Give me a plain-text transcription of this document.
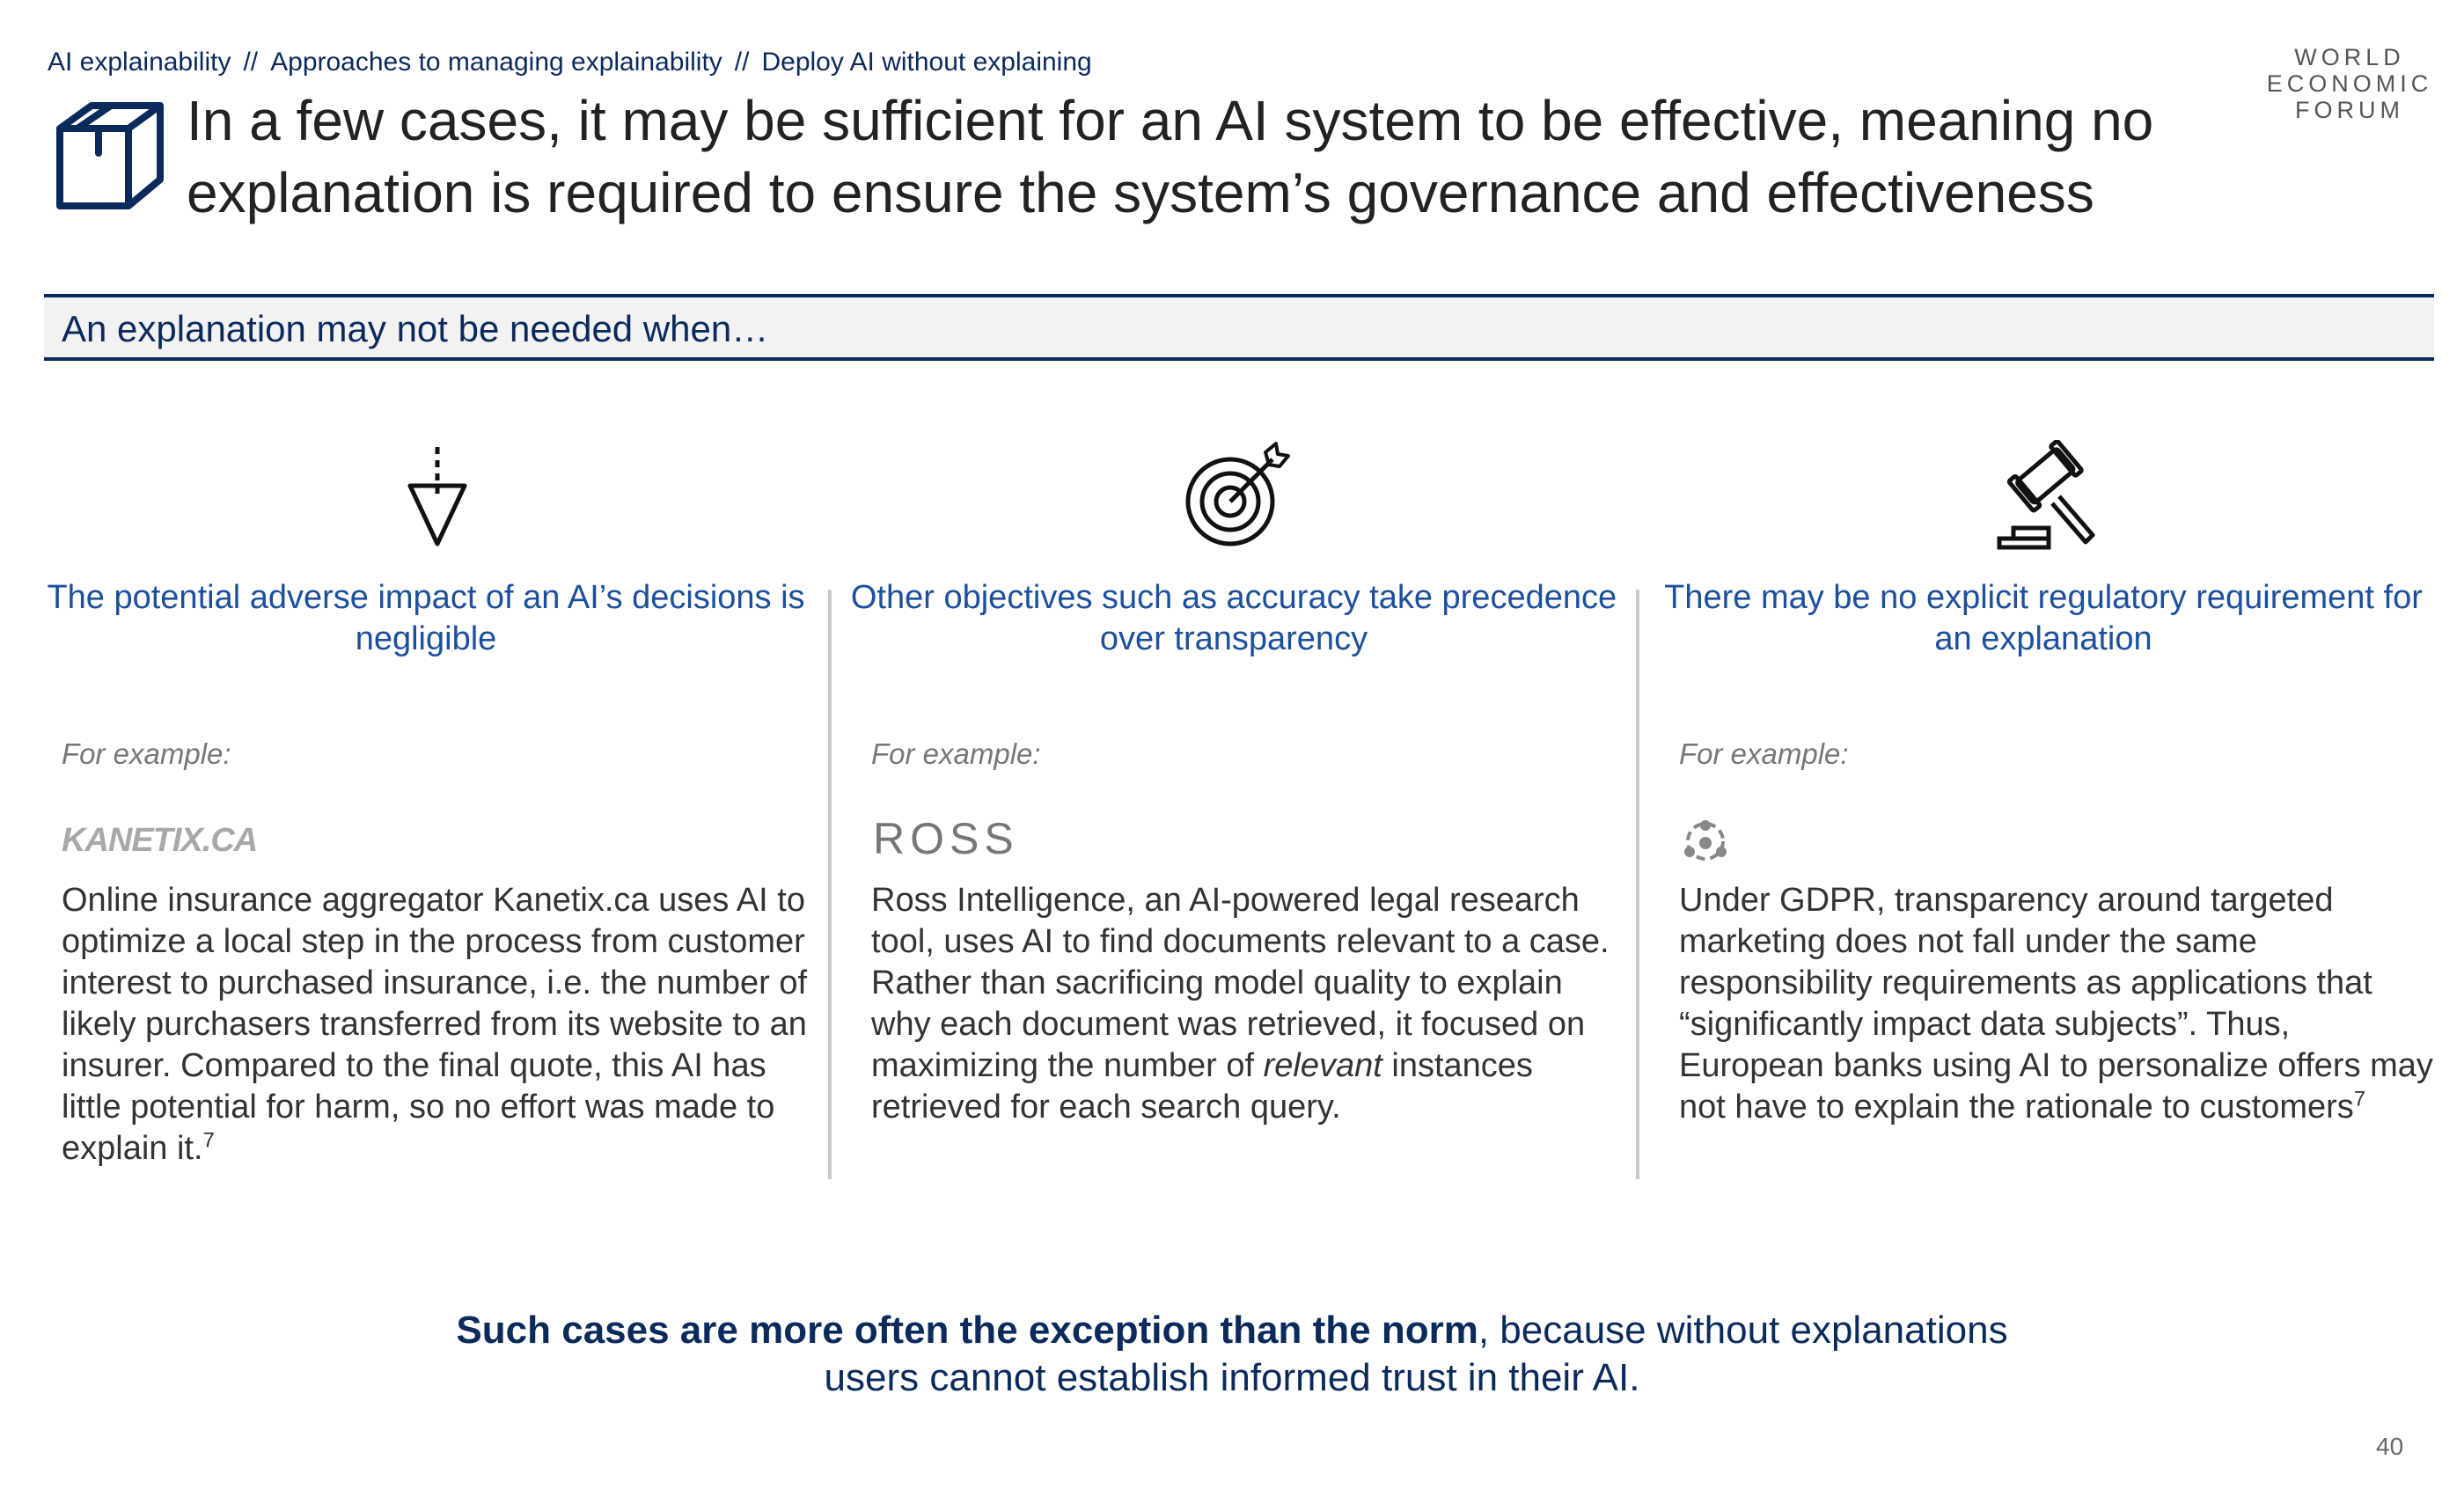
AI explainability // Approaches to managing explainability // Deploy AI without explaining
In a few cases, it may be sufficient for an AI system to be effective, meaning no explanation is required to ensure the system’s governance and effectiveness
WORLD
ECONOMIC
FORUM
An explanation may not be needed when…
The potential adverse impact of an AI’s decisions is negligible
Other objectives such as accuracy take precedence over transparency
There may be no explicit regulatory requirement for an explanation
For example:	For example:	For example:
KANETIX.CA	ROSS
Online insurance aggregator Kanetix.ca uses AI to optimize a local step in the process from customer interest to purchased insurance, i.e. the number of likely purchasers transferred from its website to an insurer. Compared to the final quote, this AI has little potential for harm, so no effort was made to explain it.$^7$
Ross Intelligence, an AI-powered legal research tool, uses AI to find documents relevant to a case. Rather than sacrificing model quality to explain why each document was retrieved, it focused on maximizing the number of relevant instances retrieved for each search query.
Under GDPR, transparency around targeted marketing does not fall under the same responsibility requirements as applications that “significantly impact data subjects”. Thus, European banks using AI to personalize offers may not have to explain the rationale to customers$^7$
Such cases are more often the exception than the norm, because without explanations
users cannot establish informed trust in their AI.
40
